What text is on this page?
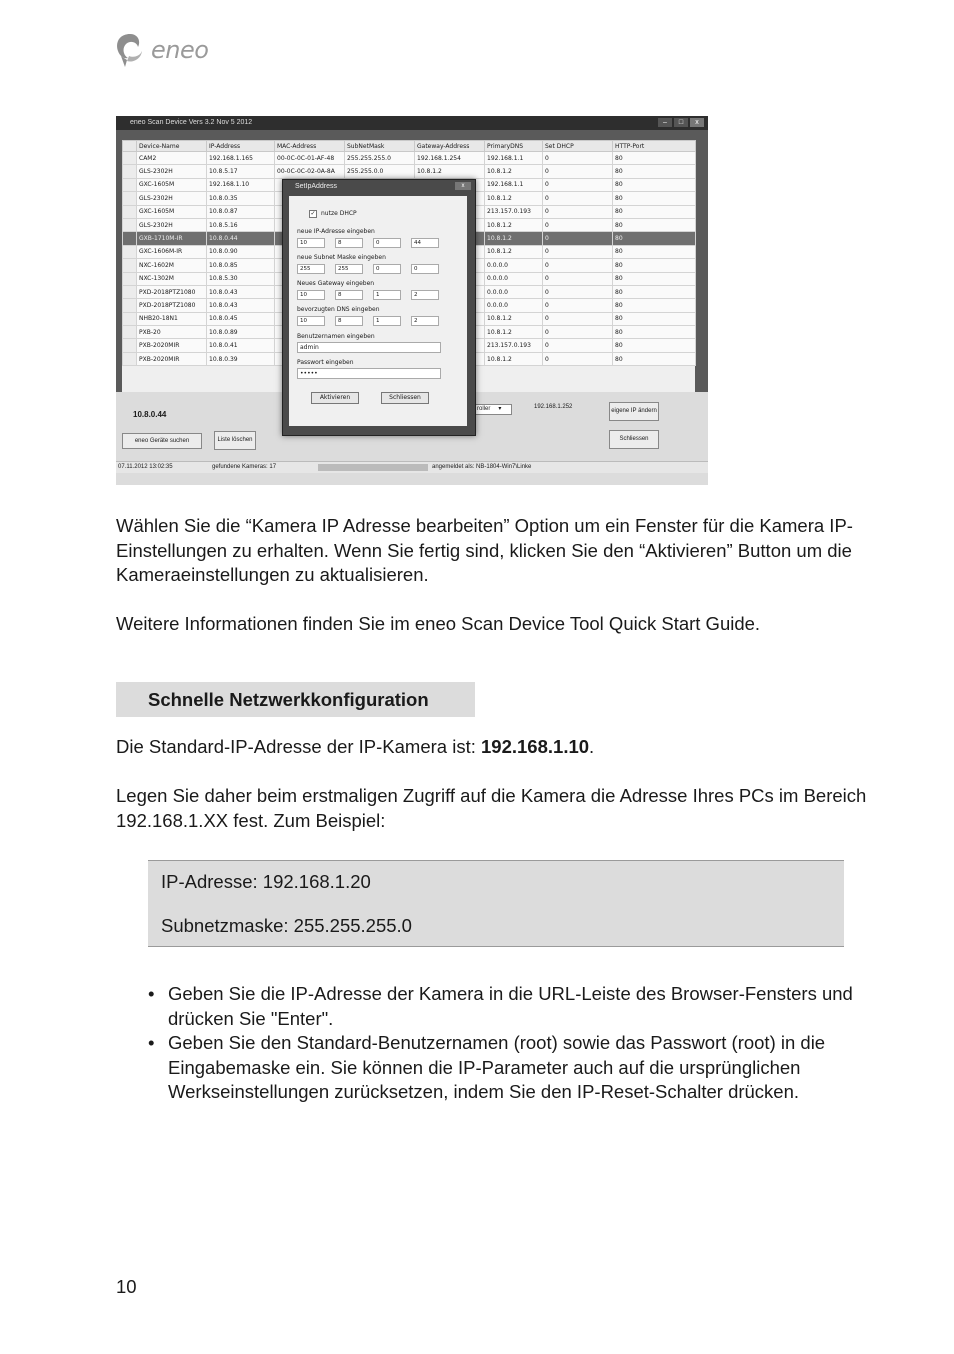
eneo
eneo Scan Device Vers 3.2 Nov 5 2012	–	□	x
	Device-Name	IP-Address	MAC-Address	SubNetMask	Gateway-Address	PrimaryDNS	Set DHCP	HTTP-Port
	CAM2	192.168.1.165	00-0C-0C-01-AF-48	255.255.255.0	192.168.1.254	192.168.1.1	0	80
	GLS-2302H	10.8.5.17	00-0C-0C-02-0A-8A	255.255.0.0	10.8.1.2	10.8.1.2	0	80
	GXC-1605M	192.168.1.10				192.168.1.1	0	80
	GLS-2302H	10.8.0.35				10.8.1.2	0	80
	GXC-1605M	10.8.0.87				213.157.0.193	0	80
	GLS-2302H	10.8.5.16				10.8.1.2	0	80
	GXB-1710M-IR	10.8.0.44				10.8.1.2	0	80
	GXC-1606M-IR	10.8.0.90				10.8.1.2	0	80
	NXC-1602M	10.8.0.85				0.0.0.0	0	80
	NXC-1302M	10.8.5.30				0.0.0.0	0	80
	PXD-2018PTZ1080	10.8.0.43				0.0.0.0	0	80
	PXD-2018PTZ1080	10.8.0.43				0.0.0.0	0	80
	NHB20-18N1	10.8.0.45				10.8.1.2	0	80
	PXB-20	10.8.0.89				10.8.1.2	0	80
	PXB-2020MIR	10.8.0.41				213.157.0.193	0	80
	PXB-2020MIR	10.8.0.39				10.8.1.2	0	80
10.8.0.44
roller ▾	192.168.1.252
eigene IP ändern
eneo Geräte suchen	Liste löschen	Schliessen
07.11.2012 13:02:35	gefundene Kameras: 17	angemeldet als: NB-1804-Win7\Linke
SetIpAddress	x
✓ nutze DHCP
neue IP-Adresse eingeben
10	8	0	44
neue Subnet Maske eingeben
255	255	0	0
Neues Gateway eingeben
10	8	1	2
bevorzugten DNS eingeben
10	8	1	2
Benutzernamen eingeben
admin
Passwort eingeben
•••••
Aktivieren	Schliessen
Wählen Sie die “Kamera IP Adresse bearbeiten” Option um ein Fenster für die Kamera IP-Einstellungen zu erhalten. Wenn Sie fertig sind, klicken Sie den “Aktivieren” Button um die Kameraeinstellungen zu aktualisieren.
Weitere Informationen finden Sie im eneo Scan Device Tool Quick Start Guide.
Schnelle Netzwerkkonfiguration
Die Standard-IP-Adresse der IP-Kamera ist: 192.168.1.10.
Legen Sie daher beim erstmaligen Zugriff auf die Kamera die Adresse Ihres PCs im Bereich 192.168.1.XX fest. Zum Beispiel:
IP-Adresse: 192.168.1.20
Subnetzmaske: 255.255.255.0
• Geben Sie die IP-Adresse der Kamera in die URL-Leiste des Browser-Fensters und drücken Sie "Enter".
• Geben Sie den Standard-Benutzernamen (root) sowie das Passwort (root) in die Eingabemaske ein. Sie können die IP-Parameter auch auf die ursprünglichen Werkseinstellungen zurücksetzen, indem Sie den IP-Reset-Schalter drücken.
10
